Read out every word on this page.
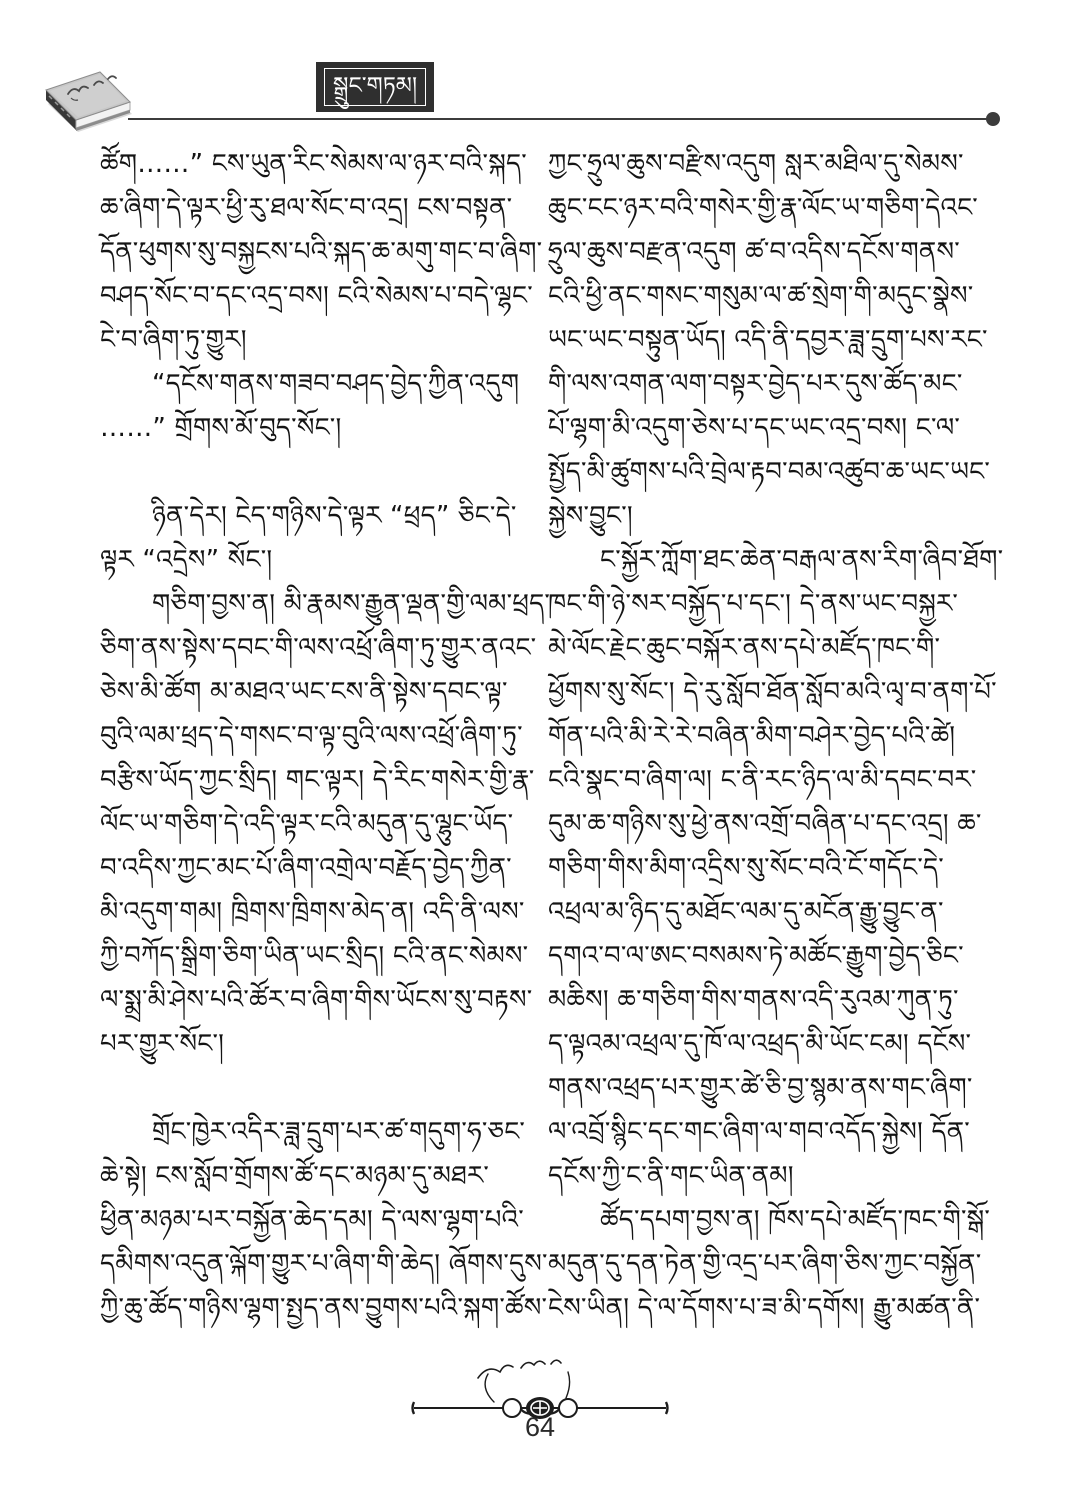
སྒྲུང་གཏམ།
ཚོག……” ངས་ཡུན་རིང་སེམས་ལ་ཉར་བའི་སྐད་
ཆ་ཞིག་དེ་ལྟར་ཕྱི་རུ་ཐལ་སོང་བ་འདྲ། ངས་བསྟན་
དོན་ཕུགས་སུ་བསྐྱངས་པའི་སྐད་ཆ་མགུ་གང་བ་ཞིག་
བཤད་སོང་བ་དང་འདྲ་བས། ངའི་སེམས་པ་བདེ་ལྷང་
ངེ་བ་ཞིག་ཏུ་གྱུར།
“དངོས་གནས་གཟབ་བཤད་བྱེད་ཀྱིན་འདུག
……” གྲོགས་མོ་བུད་སོང་།
ཉིན་དེར། ངེད་གཉིས་དེ་ལྟར “ཕྲད” ཅིང་དེ་
ལྟར “འདྲེས” སོང་།
གཅིག་བྱས་ན། མི་རྣམས་རྒྱུན་ལྡན་གྱི་ལམ་ཕྲད་
ཅིག་ནས་སྟེས་དབང་གི་ལས་འཕྲོ་ཞིག་ཏུ་གྱུར་ནའང་
ཅེས་མི་ཚོག མ་མཐའ་ཡང་ངས་ནི་སྟེས་དབང་ལྟ་
བུའི་ལམ་ཕྲད་དེ་གསང་བ་ལྟ་བུའི་ལས་འཕྲོ་ཞིག་ཏུ་
བརྩིས་ཡོད་ཀྱང་སྲིད། གང་ལྟར། དེ་རིང་གསེར་གྱི་རྣ་
ལོང་ཡ་གཅིག་དེ་འདི་ལྟར་ངའི་མདུན་དུ་ལྷུང་ཡོད་
བ་འདིས་ཀྱང་མང་པོ་ཞིག་འགྲེལ་བརྗོད་བྱེད་ཀྱིན་
མི་འདུག་གམ། ཁྲིགས་ཁྲིགས་མེད་ན། འདི་ནི་ལས་
ཀྱི་བཀོད་སྒྲིག་ཅིག་ཡིན་ཡང་སྲིད། ངའི་ནང་སེམས་
ལ་སྨྲ་མི་ཤེས་པའི་ཚོར་བ་ཞིག་གིས་ཡོངས་སུ་བརྟས་
པར་གྱུར་སོང་།
གྲོང་ཁྱེར་འདིར་ཟླ་དྲུག་པར་ཚ་གདུག་ཧ་ཅང་
ཆེ་སྟེ། ངས་སློབ་གྲོགས་ཚོ་དང་མཉམ་དུ་མཐར་
ཕྱིན་མཉམ་པར་བསྐྱོན་ཆེད་དམ། དེ་ལས་ལྷག་པའི་
དམིགས་འདུན་ལྐོག་གྱུར་པ་ཞིག་གི་ཆེད། ཞོགས་དུས་
ཀྱི་ཆུ་ཚོད་གཉིས་ལྷག་སྤྱད་ནས་བྱུགས་པའི་སྐག་ཚོས་
ཀྱང་ཧྲུལ་ཆུས་བརྫིས་འདུག སླར་མཐིལ་དུ་སེམས་
ཆུང་ངང་ཉར་བའི་གསེར་གྱི་རྣ་ལོང་ཡ་གཅིག་དེའང་
ཧྲུལ་ཆུས་བརྫན་འདུག ཚ་བ་འདིས་དངོས་གནས་
ངའི་ཕྱི་ནང་གསང་གསུམ་ལ་ཚ་སྲེག་གི་མདུང་སྣེས་
ཡང་ཡང་བསྟུན་ཡོད། འདི་ནི་དབྱར་ཟླ་དྲུག་པས་རང་
གི་ལས་འགན་ལག་བསྟར་བྱེད་པར་དུས་ཚོད་མང་
པོ་ལྷག་མི་འདུག་ཅེས་པ་དང་ཡང་འདྲ་བས། ང་ལ་
སྤྱོད་མི་ཚུགས་པའི་བྲེལ་རྟབ་བམ་འཚུབ་ཆ་ཡང་ཡང་
སྐྱེས་བྱུང་།
ང་སྐྱོར་ཀློག་ཐང་ཆེན་བརྒལ་ནས་རིག་ཞིབ་ཐོག་
ཁང་གི་ཉེ་སར་བསྐྱོད་པ་དང་། དེ་ནས་ཡང་བསྐྱར་
མེ་ལོང་རྗེང་ཆུང་བསྐོར་ནས་དཔེ་མཛོད་ཁང་གི་
ཕྱོགས་སུ་སོང་། དེ་རུ་སློབ་ཐོན་སློབ་མའི་ལྭ་བ་ནག་པོ་
གོན་པའི་མི་རེ་རེ་བཞིན་མིག་བཤེར་བྱེད་པའི་ཚེ།
ངའི་སྣང་བ་ཞིག་ལ། ང་ནི་རང་ཉིད་ལ་མི་དབང་བར་
དུམ་ཆ་གཉིས་སུ་ཕྱེ་ནས་འགྲོ་བཞིན་པ་དང་འདྲ། ཆ་
གཅིག་གིས་མིག་འདྲིས་སུ་སོང་བའི་ངོ་གདོང་དེ་
འཕྲལ་མ་ཉིད་དུ་མཐོང་ལམ་དུ་མངོན་རྒྱུ་བྱུང་ན་
དགའ་བ་ལ་ཨང་བསམས་ཏེ་མཚོང་རྒྱུག་བྱེད་ཅིང་
མཆིས། ཆ་གཅིག་གིས་གནས་འདི་རུའམ་ཀུན་ཏུ་
ད་ལྟའམ་འཕྲལ་དུ་ཁོ་ལ་འཕྲད་མི་ཡོང་ངམ། དངོས་
གནས་འཕྲད་པར་གྱུར་ཚེ་ཅི་བྱ་སྙམ་ནས་གང་ཞིག་
ལ་འབྲོ་སྙིང་དང་གང་ཞིག་ལ་གབ་འདོད་སྐྱེས། དོན་
དངོས་ཀྱི་ང་ནི་གང་ཡིན་ནམ།
ཚོད་དཔག་བྱས་ན། ཁོས་དཔེ་མཛོད་ཁང་གི་སྒོ་
མདུན་དུ་དན་ཏེན་གྱི་འདྲ་པར་ཞིག་ཅིས་ཀྱང་བསྐྱོན་
ངེས་ཡིན། དེ་ལ་དོགས་པ་ཟ་མི་དགོས། རྒྱུ་མཚན་ནི་
64
